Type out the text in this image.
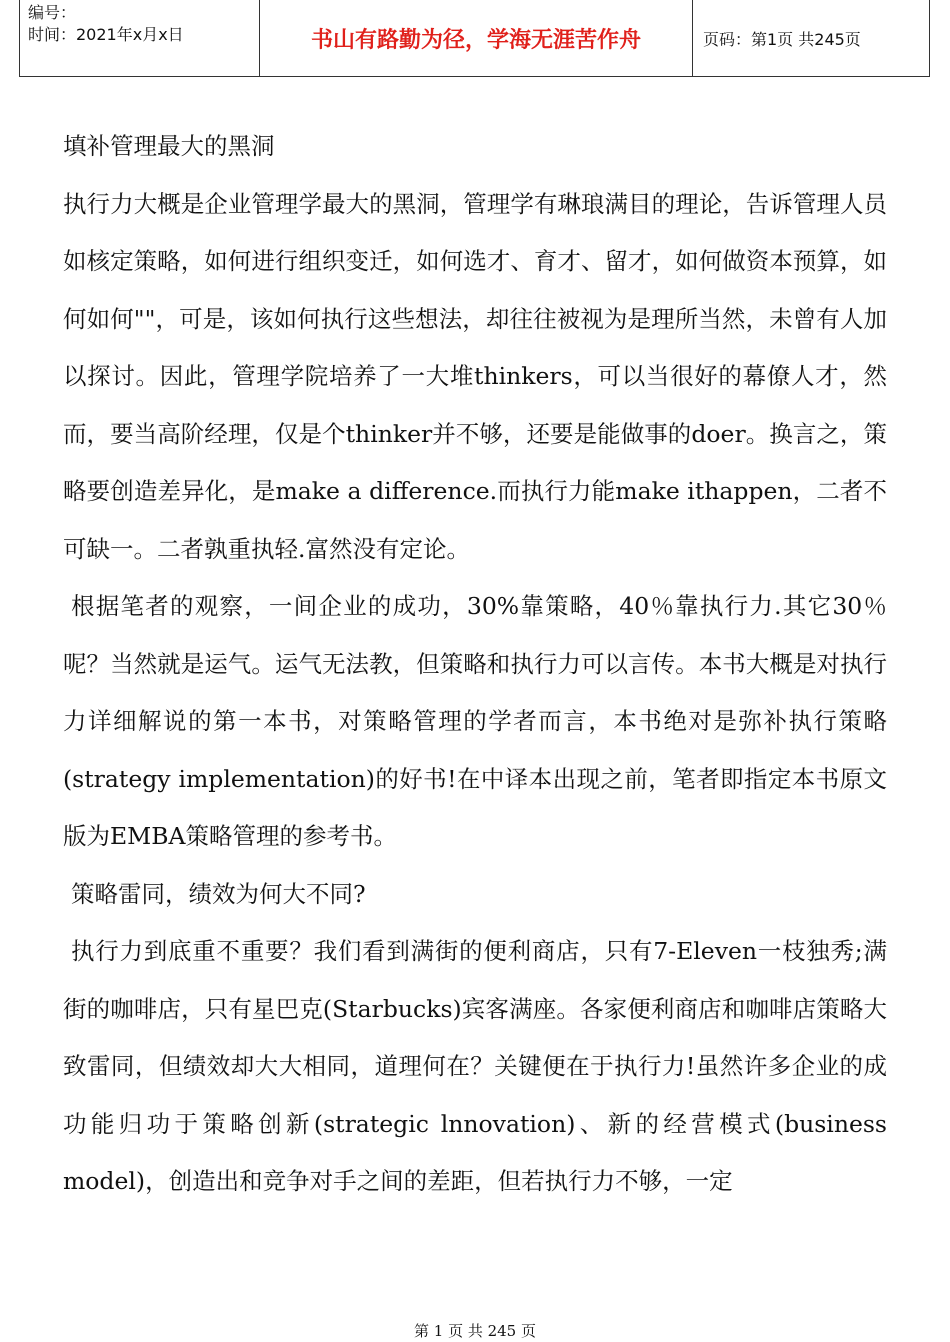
编号：
时间：2021年x月x日	书山有路勤为径，学海无涯苦作舟	页码：第1页 共245页

填补管理最大的黑洞

执行力大概是企业管理学最大的黑洞，管理学有琳琅满目的理论，告诉管理人员如核定策略，如何进行组织变迁，如何选才、育才、留才，如何做资本预算，如何如何""，可是，该如何执行这些想法，却往往被视为是理所当然，未曾有人加以探讨。因此，管理学院培养了一大堆thinkers，可以当很好的幕僚人才，然而，要当高阶经理，仅是个thinker并不够，还要是能做事的doer。换言之，策略要创造差异化，是make a difference.而执行力能make ithappen，二者不可缺一。二者孰重执轻.富然没有定论。

根据笔者的观察，一间企业的成功，30%靠策略，40％靠执行力.其它30％呢？当然就是运气。运气无法教，但策略和执行力可以言传。本书大概是对执行力详细解说的第一本书，对策略管理的学者而言，本书绝对是弥补执行策略(strategy implementation)的好书!在中译本出现之前，笔者即指定本书原文版为EMBA策略管理的参考书。

策略雷同，绩效为何大不同?

执行力到底重不重要？我们看到满街的便利商店，只有7-Eleven一枝独秀;满街的咖啡店，只有星巴克(Starbucks)宾客满座。各家便利商店和咖啡店策略大致雷同，但绩效却大大相同，道理何在？关键便在于执行力!虽然许多企业的成功能归功于策略创新(strategic lnnovation)、新的经营模式(business model)，创造出和竞争对手之间的差距，但若执行力不够，一定

第 1 页 共 245 页
